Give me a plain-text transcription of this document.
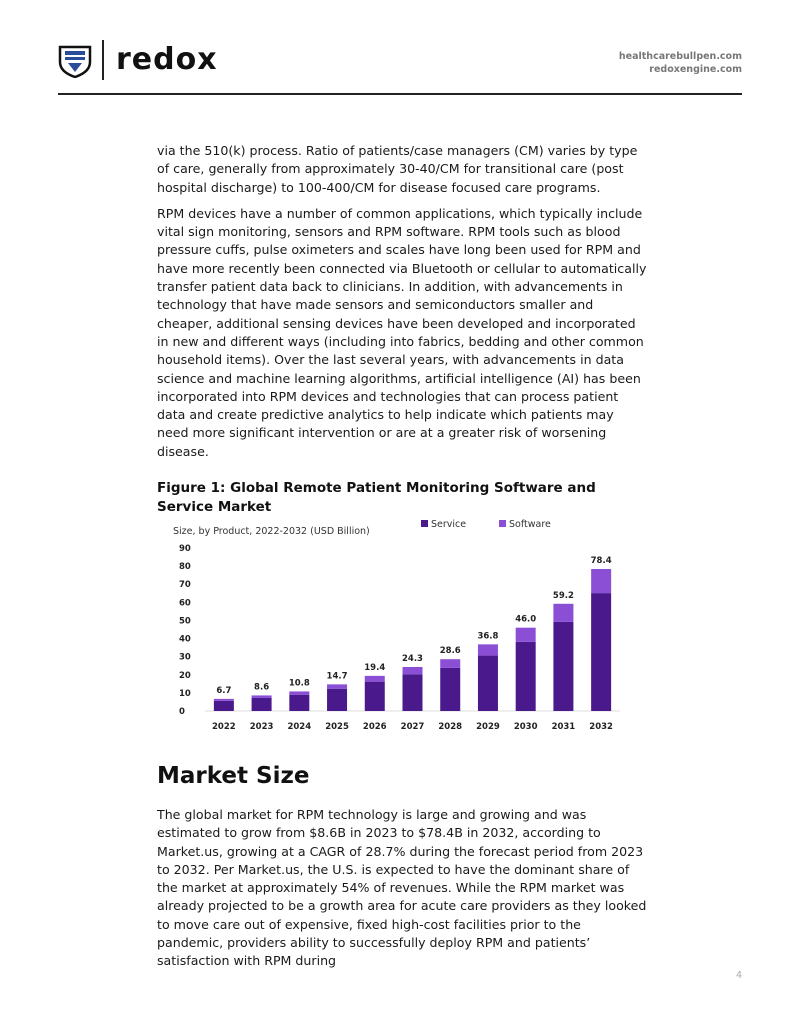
redox	healthcarebullpen.com
redoxengine.com

via the 510(k) process. Ratio of patients/case managers (CM) varies by type of care, generally from approximately 30-40/CM for transitional care (post hospital discharge) to 100-400/CM for disease focused care programs.

RPM devices have a number of common applications, which typically include vital sign monitoring, sensors and RPM software. RPM tools such as blood pressure cuffs, pulse oximeters and scales have long been used for RPM and have more recently been connected via Bluetooth or cellular to automatically transfer patient data back to clinicians. In addition, with advancements in technology that have made sensors and semiconductors smaller and cheaper, additional sensing devices have been developed and incorporated in new and different ways (including into fabrics, bedding and other common household items). Over the last several years, with advancements in data science and machine learning algorithms, artificial intelligence (AI) has been incorporated into RPM devices and technologies that can process patient data and create predictive analytics to help indicate which patients may need more significant intervention or are at a greater risk of worsening disease.

Figure 1: Global Remote Patient Monitoring Software and Service Market
Size, by Product, 2022-2032 (USD Billion)
Service	Software
0
10
20
30
40
50
60
70
80
90
6.7
2022
8.6
2023
10.8
2024
14.7
2025
19.4
2026
24.3
2027
28.6
2028
36.8
2029
46.0
2030
59.2
2031
78.4
2032
Market Size

The global market for RPM technology is large and growing and was estimated to grow from $8.6B in 2023 to $78.4B in 2032, according to Market.us, growing at a CAGR of 28.7% during the forecast period from 2023 to 2032. Per Market.us, the U.S. is expected to have the dominant share of the market at approximately 54% of revenues. While the RPM market was already projected to be a growth area for acute care providers as they looked to move care out of expensive, fixed high-cost facilities prior to the pandemic, providers ability to successfully deploy RPM and patients’ satisfaction with RPM during

4
